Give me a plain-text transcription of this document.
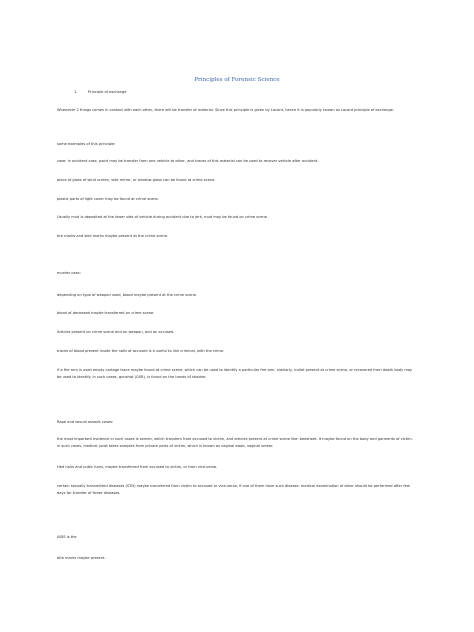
Principles of Forensic Science
1.	Principle of exchange
Whenever 2 things comes in contact with each other, there will be transfer of material. Since this principle is given by Locard, hence it is popularly known as Locard principle of exchange.
some examples of this principle:
case: in accident case, paint may be transfer from one vehicle to other, and traces of this material can be used to recover vehicle after accident.
piece of glass of wind screen, side mirror, or window glass can be found at crime scene.
plastic parts of light cover may be found at crime scene.
Usually mud is deposited at the lower side of vehicle during accident due to jerk, mud may be found on crime scene.
tire marks and skid marks maybe present at the crime scene.
murder case:
depending on type of weapon used, blood maybe present at the crime scene.
blood of deceased maybe transferred on crime scene.
Articles present on crime scene end on weapon, and on accused.
traces of blood present inside the nails of accused is a useful to link criminal, with the crime.
if a fire arm is used empty cartage trace maybe found at crime scene, which can be used to identify a particular fire arm. similarly, bullet present at crime scene, or recovered from death body may be used to identify. in such cases, gunshot (GSR), is found on the hands of shooter.
Rape and sexual assault cases:
the most important evidence in such cases is semen, which transfers from accused to victim, and articles present at crime scene like: bedsheet. it maybe found on the body and garments of victim. in such cases, medical jurist takes samples from private parts of victim, which is known as vaginal swab, vaginal smear.
Hed hairs and pubic hairs, maybe transferred from accused to victim, or from vice-versa.
certain sexually transmitted diseases (STD) maybe transferred from victim to accused or vice-versa, if one of them have such disease. medical examination of other should be performed after few days for transfer of these diseases.
AIDS is the
bite marks maybe present.
